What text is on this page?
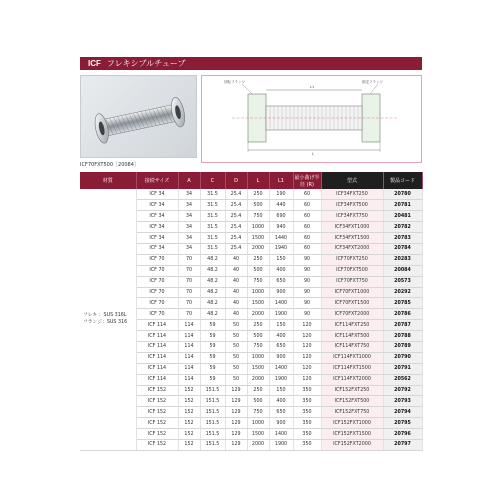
ICF フレキシブルチューブ
ICF70FXT500［20084］
回転フランジ	固定フランジ
L1
L
材質	接続サイズ	A	C	D	L	L1	最小曲げ半径 (R)	型式	製品コード

フレキ ：SUS 316L
フランジ：SUS 316	ICF 34	34	31.5	25.4	250	190	60	ICF34FXT250	20780
	ICF 34	34	31.5	25.4	500	440	60	ICF34FXT500	20781
	ICF 34	34	31.5	25.4	750	690	60	ICF34FXT750	20481
	ICF 34	34	31.5	25.4	1000	940	60	ICF34FXT1000	20782
	ICF 34	34	31.5	25.4	1500	1440	60	ICF34FXT1500	20783
	ICF 34	34	31.5	25.4	2000	1940	60	ICF34FXT2000	20784
	ICF 70	70	48.2	40	250	150	90	ICF70FXT250	20283
	ICF 70	70	48.2	40	500	400	90	ICF70FXT500	20084
	ICF 70	70	48.2	40	750	650	90	ICF70FXT750	20573
	ICF 70	70	48.2	40	1000	900	90	ICF70FXT1000	20292
	ICF 70	70	48.2	40	1500	1400	90	ICF70FXT1500	20785
	ICF 70	70	48.2	40	2000	1900	90	ICF70FXT2000	20786
	ICF 114	114	59	50	250	150	120	ICF114FXT250	20787
	ICF 114	114	59	50	500	400	120	ICF114FXT500	20788
	ICF 114	114	59	50	750	650	120	ICF114FXT750	20789
	ICF 114	114	59	50	1000	900	120	ICF114FXT1000	20790
	ICF 114	114	59	50	1500	1400	120	ICF114FXT1500	20791
	ICF 114	114	59	50	2000	1900	120	ICF114FXT2000	20562
	ICF 152	152	151.5	129	250	150	350	ICF152FXT250	20792
	ICF 152	152	151.5	129	500	400	350	ICF152FXT500	20793
	ICF 152	152	151.5	129	750	650	350	ICF152FXT750	20794
	ICF 152	152	151.5	129	1000	900	350	ICF152FXT1000	20795
	ICF 152	152	151.5	129	1500	1400	350	ICF152FXT1500	20796
	ICF 152	152	151.5	129	2000	1900	350	ICF152FXT2000	20797
